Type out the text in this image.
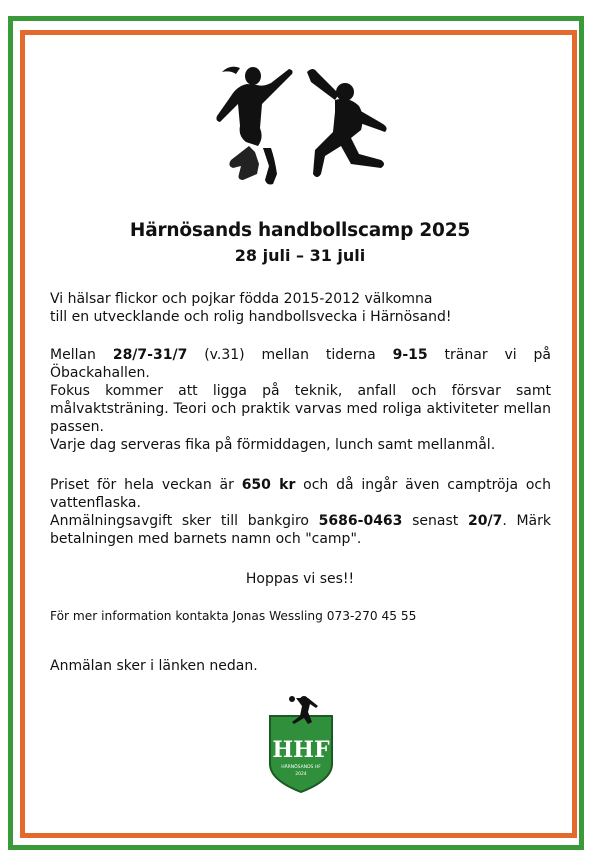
Härnösands handbollscamp 2025
28 juli – 31 juli
Vi hälsar flickor och pojkar födda 2015-2012 välkomna
till en utvecklande och rolig handbollsvecka i Härnösand!
Mellan 28/7-31/7 (v.31) mellan tiderna 9-15 tränar vi på Öbackahallen.
Fokus kommer att ligga på teknik, anfall och försvar samt målvaktsträning. Teori och praktik varvas med roliga aktiviteter mellan passen.
Varje dag serveras fika på förmiddagen, lunch samt mellanmål.
Priset för hela veckan är 650 kr och då ingår även camptröja och vattenflaska.
Anmälningsavgift sker till bankgiro 5686-0463 senast 20/7. Märk betalningen med barnets namn och "camp".
Hoppas vi ses!!
För mer information kontakta Jonas Wessling 073-270 45 55
Anmälan sker i länken nedan.
HHF
HÄRNÖSANDS HF
2024
